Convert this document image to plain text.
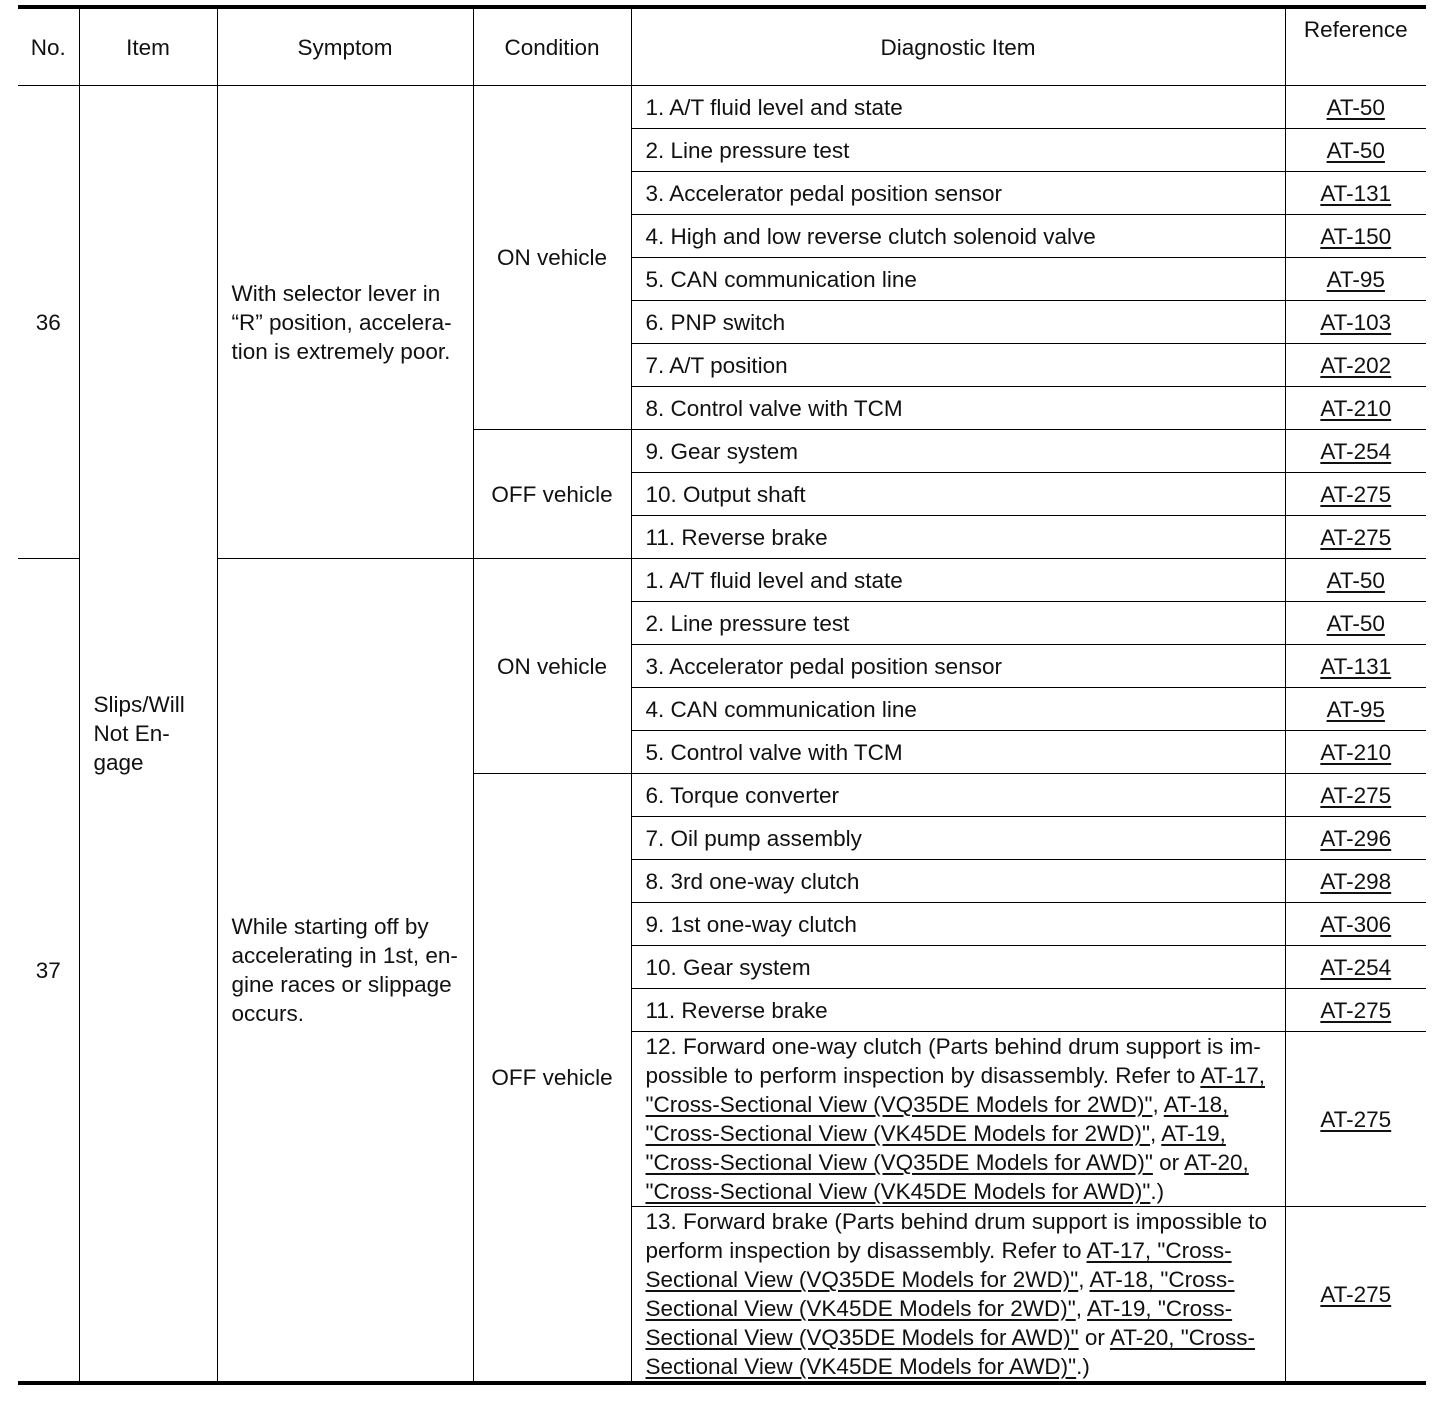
No.	Item	Symptom	Condition	Diagnostic Item	Reference
36	Slips/Will Not En-gage	With selector lever in “R” position, accelera-tion is extremely poor.	ON vehicle	1. A/T fluid level and state	AT-50
				2. Line pressure test	AT-50
				3. Accelerator pedal position sensor	AT-131
				4. High and low reverse clutch solenoid valve	AT-150
				5. CAN communication line	AT-95
				6. PNP switch	AT-103
				7. A/T position	AT-202
				8. Control valve with TCM	AT-210
			OFF vehicle	9. Gear system	AT-254
				10. Output shaft	AT-275
				11. Reverse brake	AT-275
37		While starting off by accelerating in 1st, en-gine races or slippage occurs.	ON vehicle	1. A/T fluid level and state	AT-50
				2. Line pressure test	AT-50
				3. Accelerator pedal position sensor	AT-131
				4. CAN communication line	AT-95
				5. Control valve with TCM	AT-210
			OFF vehicle	6. Torque converter	AT-275
				7. Oil pump assembly	AT-296
				8. 3rd one-way clutch	AT-298
				9. 1st one-way clutch	AT-306
				10. Gear system	AT-254
				11. Reverse brake	AT-275
				12. Forward one-way clutch (Parts behind drum support is im-possible to perform inspection by disassembly. Refer to AT-17, "Cross-Sectional View (VQ35DE Models for 2WD)", AT-18, "Cross-Sectional View (VK45DE Models for 2WD)", AT-19, "Cross-Sectional View (VQ35DE Models for AWD)" or AT-20, "Cross-Sectional View (VK45DE Models for AWD)".)	AT-275
				13. Forward brake (Parts behind drum support is impossible to perform inspection by disassembly. Refer to AT-17, "Cross-Sectional View (VQ35DE Models for 2WD)", AT-18, "Cross-Sectional View (VK45DE Models for 2WD)", AT-19, "Cross-Sectional View (VQ35DE Models for AWD)" or AT-20, "Cross-Sectional View (VK45DE Models for AWD)".)	AT-275
